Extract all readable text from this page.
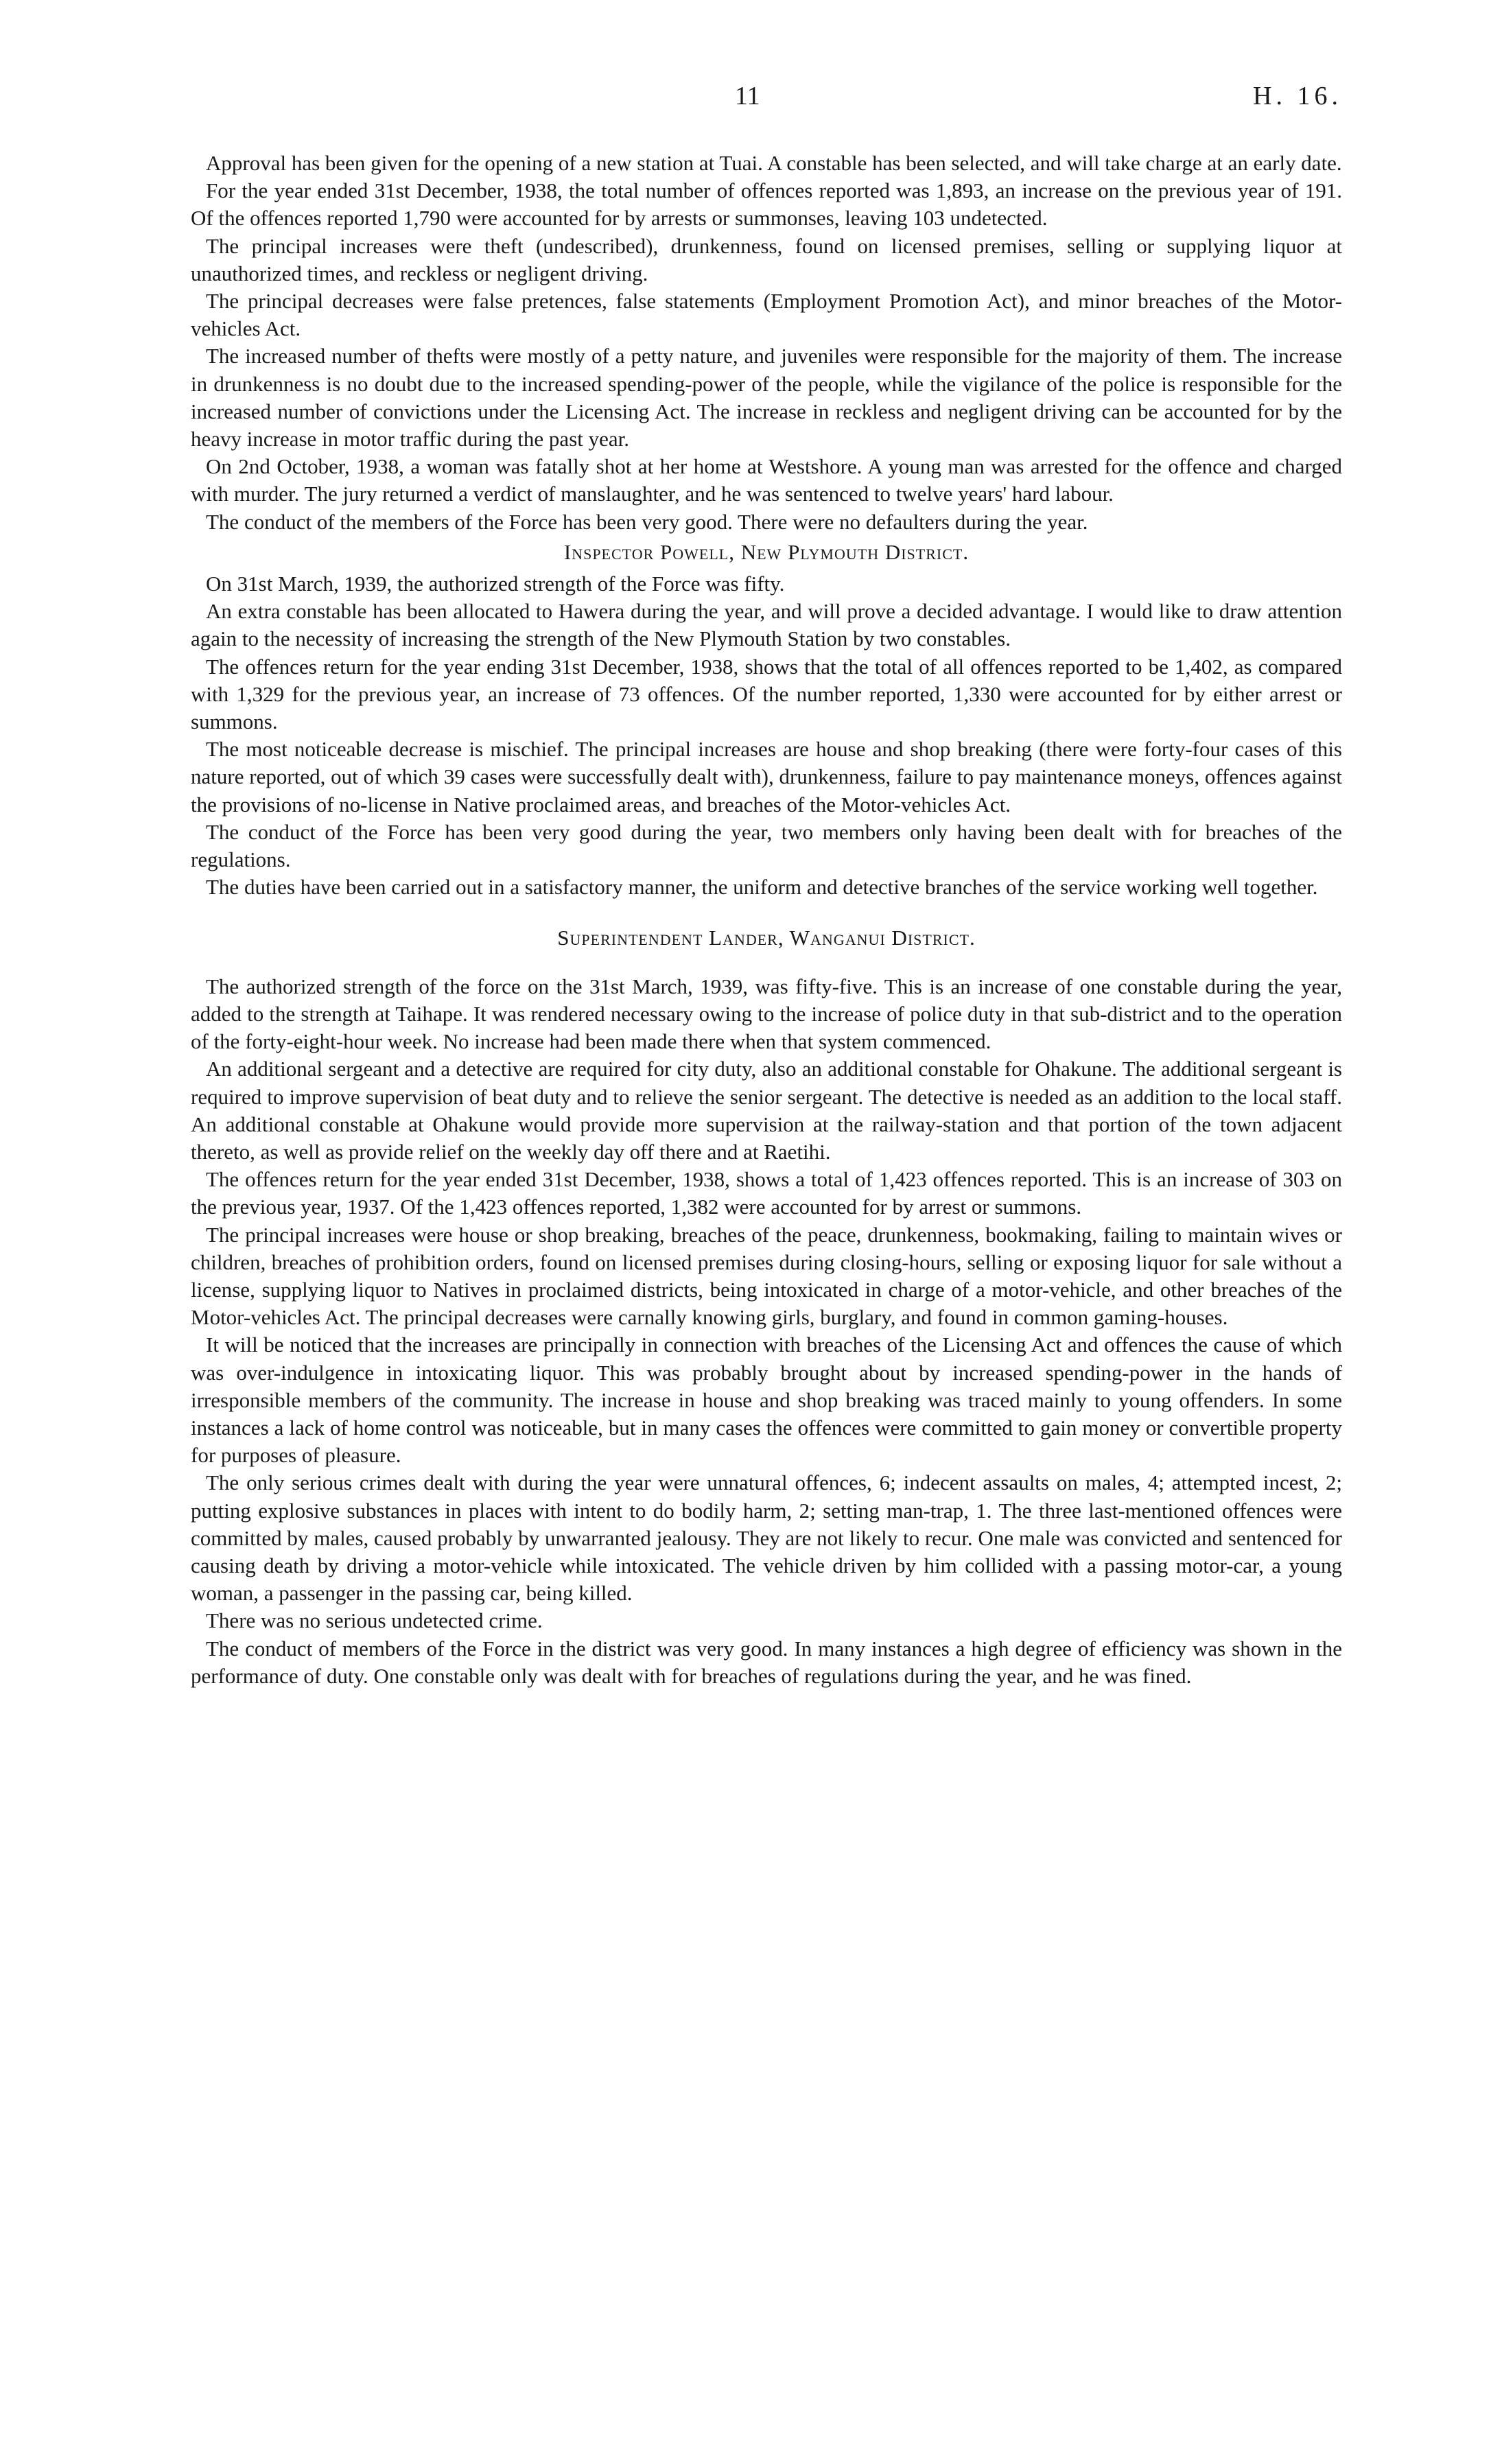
11	H. 16.

Approval has been given for the opening of a new station at Tuai. A constable has been selected, and will take charge at an early date.

For the year ended 31st December, 1938, the total number of offences reported was 1,893, an increase on the previous year of 191. Of the offences reported 1,790 were accounted for by arrests or summonses, leaving 103 undetected.

The principal increases were theft (undescribed), drunkenness, found on licensed premises, selling or supplying liquor at unauthorized times, and reckless or negligent driving.

The principal decreases were false pretences, false statements (Employment Promotion Act), and minor breaches of the Motor-vehicles Act.

The increased number of thefts were mostly of a petty nature, and juveniles were responsible for the majority of them. The increase in drunkenness is no doubt due to the increased spending-power of the people, while the vigilance of the police is responsible for the increased number of convictions under the Licensing Act. The increase in reckless and negligent driving can be accounted for by the heavy increase in motor traffic during the past year.

On 2nd October, 1938, a woman was fatally shot at her home at Westshore. A young man was arrested for the offence and charged with murder. The jury returned a verdict of manslaughter, and he was sentenced to twelve years' hard labour.

The conduct of the members of the Force has been very good. There were no defaulters during the year.

Inspector Powell, New Plymouth District.

On 31st March, 1939, the authorized strength of the Force was fifty.

An extra constable has been allocated to Hawera during the year, and will prove a decided advantage. I would like to draw attention again to the necessity of increasing the strength of the New Plymouth Station by two constables.

The offences return for the year ending 31st December, 1938, shows that the total of all offences reported to be 1,402, as compared with 1,329 for the previous year, an increase of 73 offences. Of the number reported, 1,330 were accounted for by either arrest or summons.

The most noticeable decrease is mischief. The principal increases are house and shop breaking (there were forty-four cases of this nature reported, out of which 39 cases were successfully dealt with), drunkenness, failure to pay maintenance moneys, offences against the provisions of no-license in Native proclaimed areas, and breaches of the Motor-vehicles Act.

The conduct of the Force has been very good during the year, two members only having been dealt with for breaches of the regulations.

The duties have been carried out in a satisfactory manner, the uniform and detective branches of the service working well together.

Superintendent Lander, Wanganui District.

The authorized strength of the force on the 31st March, 1939, was fifty-five. This is an increase of one constable during the year, added to the strength at Taihape. It was rendered necessary owing to the increase of police duty in that sub-district and to the operation of the forty-eight-hour week. No increase had been made there when that system commenced.

An additional sergeant and a detective are required for city duty, also an additional constable for Ohakune. The additional sergeant is required to improve supervision of beat duty and to relieve the senior sergeant. The detective is needed as an addition to the local staff. An additional constable at Ohakune would provide more supervision at the railway-station and that portion of the town adjacent thereto, as well as provide relief on the weekly day off there and at Raetihi.

The offences return for the year ended 31st December, 1938, shows a total of 1,423 offences reported. This is an increase of 303 on the previous year, 1937. Of the 1,423 offences reported, 1,382 were accounted for by arrest or summons.

The principal increases were house or shop breaking, breaches of the peace, drunkenness, bookmaking, failing to maintain wives or children, breaches of prohibition orders, found on licensed premises during closing-hours, selling or exposing liquor for sale without a license, supplying liquor to Natives in proclaimed districts, being intoxicated in charge of a motor-vehicle, and other breaches of the Motor-vehicles Act. The principal decreases were carnally knowing girls, burglary, and found in common gaming-houses.

It will be noticed that the increases are principally in connection with breaches of the Licensing Act and offences the cause of which was over-indulgence in intoxicating liquor. This was probably brought about by increased spending-power in the hands of irresponsible members of the community. The increase in house and shop breaking was traced mainly to young offenders. In some instances a lack of home control was noticeable, but in many cases the offences were committed to gain money or convertible property for purposes of pleasure.

The only serious crimes dealt with during the year were unnatural offences, 6; indecent assaults on males, 4; attempted incest, 2; putting explosive substances in places with intent to do bodily harm, 2; setting man-trap, 1. The three last-mentioned offences were committed by males, caused probably by unwarranted jealousy. They are not likely to recur. One male was convicted and sentenced for causing death by driving a motor-vehicle while intoxicated. The vehicle driven by him collided with a passing motor-car, a young woman, a passenger in the passing car, being killed.

There was no serious undetected crime.

The conduct of members of the Force in the district was very good. In many instances a high degree of efficiency was shown in the performance of duty. One constable only was dealt with for breaches of regulations during the year, and he was fined.
